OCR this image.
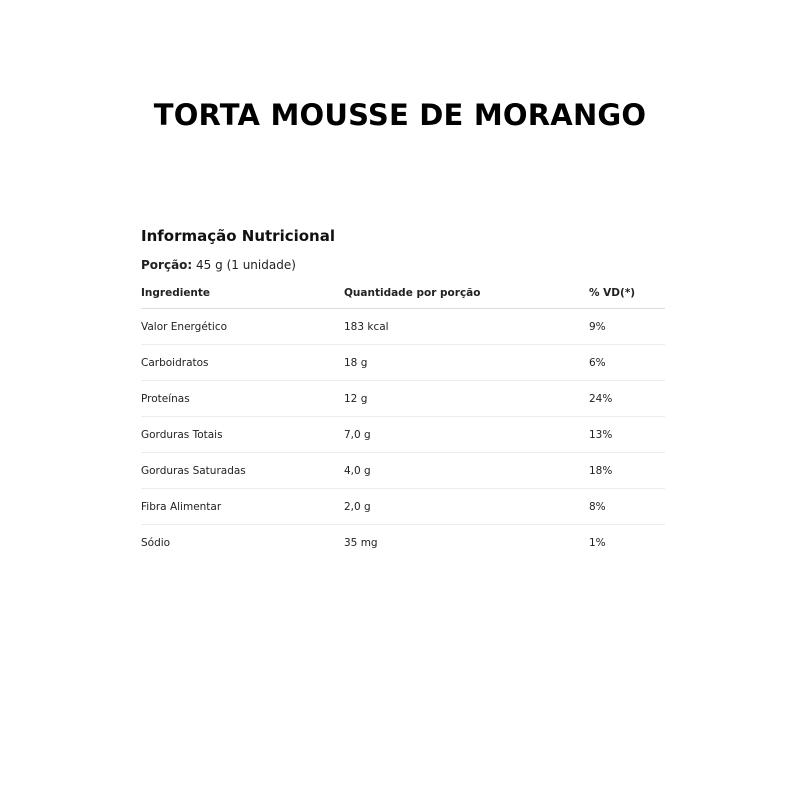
TORTA MOUSSE DE MORANGO
Informação Nutricional
Porção: 45 g (1 unidade)
Ingrediente	Quantidade por porção	% VD(*)
Valor Energético	183 kcal	9%
Carboidratos	18 g	6%
Proteínas	12 g	24%
Gorduras Totais	7,0 g	13%
Gorduras Saturadas	4,0 g	18%
Fibra Alimentar	2,0 g	8%
Sódio	35 mg	1%
